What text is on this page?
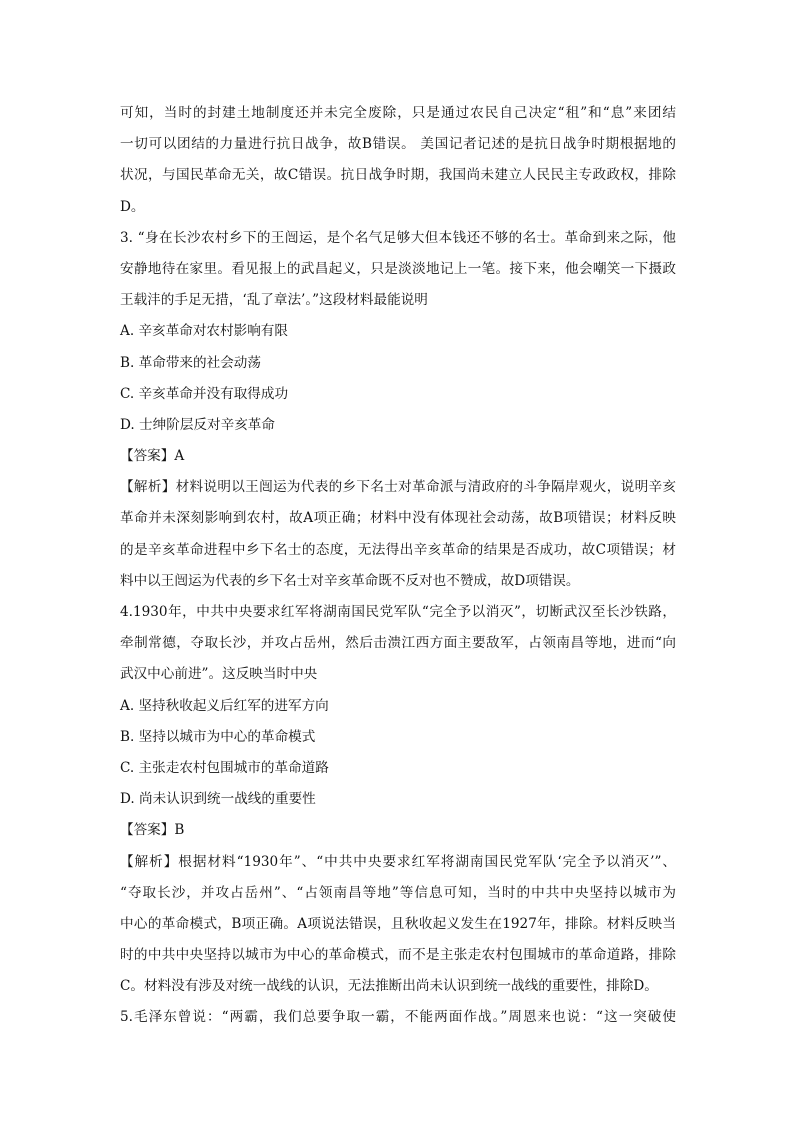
可知，当时的封建土地制度还并未完全废除，只是通过农民自己决定“租”和“息”来团结
一切可以团结的力量进行抗日战争，故B错误。 美国记者记述的是抗日战争时期根据地的
状况，与国民革命无关，故C错误。抗日战争时期，我国尚未建立人民民主专政政权，排除
D。
3. “身在长沙农村乡下的王闿运，是个名气足够大但本钱还不够的名士。革命到来之际，他
安静地待在家里。看见报上的武昌起义，只是淡淡地记上一笔。接下来，他会嘲笑一下摄政
王载沣的手足无措，‘乱了章法’。”这段材料最能说明
A. 辛亥革命对农村影响有限
B. 革命带来的社会动荡
C. 辛亥革命并没有取得成功
D. 士绅阶层反对辛亥革命
【答案】A
【解析】材料说明以王闿运为代表的乡下名士对革命派与清政府的斗争隔岸观火，说明辛亥
革命并未深刻影响到农村，故A项正确；材料中没有体现社会动荡，故B项错误；材料反映
的是辛亥革命进程中乡下名士的态度，无法得出辛亥革命的结果是否成功，故C项错误；材
料中以王闿运为代表的乡下名士对辛亥革命既不反对也不赞成，故D项错误。
4.1930年，中共中央要求红军将湖南国民党军队“完全予以消灭”，切断武汉至长沙铁路，
牵制常德，夺取长沙，并攻占岳州，然后击溃江西方面主要敌军，占领南昌等地，进而“向
武汉中心前进”。这反映当时中央
A. 坚持秋收起义后红军的进军方向
B. 坚持以城市为中心的革命模式
C. 主张走农村包围城市的革命道路
D. 尚未认识到统一战线的重要性
【答案】B
【解析】根据材料“1930年”、“中共中央要求红军将湖南国民党军队‘完全予以消灭’”、
“夺取长沙，并攻占岳州”、“占领南昌等地”等信息可知，当时的中共中央坚持以城市为
中心的革命模式，B项正确。A项说法错误，且秋收起义发生在1927年，排除。材料反映当
时的中共中央坚持以城市为中心的革命模式，而不是主张走农村包围城市的革命道路，排除
C。材料没有涉及对统一战线的认识，无法推断出尚未认识到统一战线的重要性，排除D。
5.毛泽东曾说：“两霸，我们总要争取一霸，不能两面作战。”周恩来也说：“这一突破使
